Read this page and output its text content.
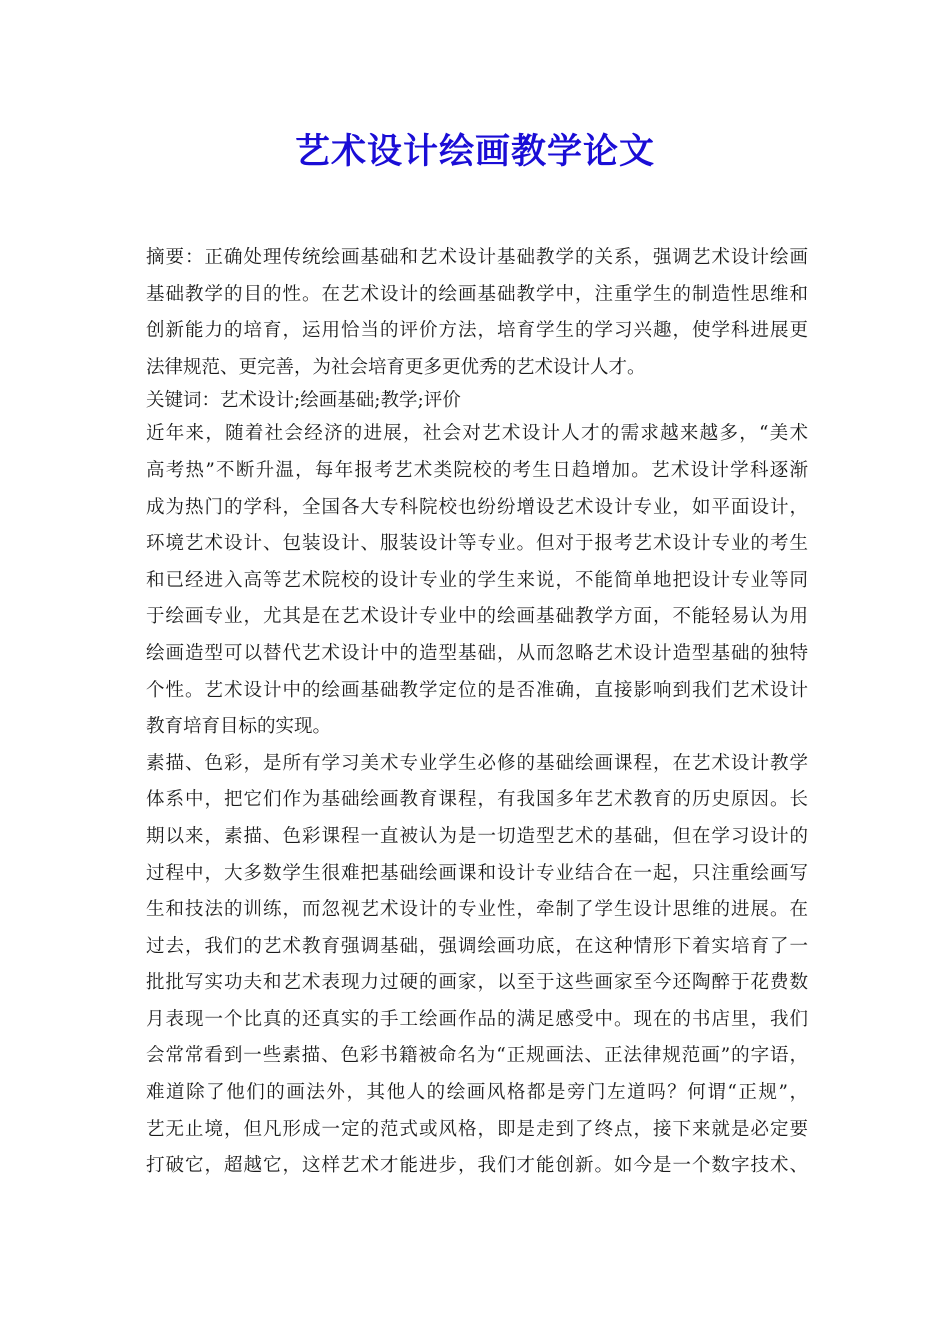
艺术设计绘画教学论文
摘要：正确处理传统绘画基础和艺术设计基础教学的关系，强调艺术设计绘画
基础教学的目的性。在艺术设计的绘画基础教学中，注重学生的制造性思维和
创新能力的培育，运用恰当的评价方法，培育学生的学习兴趣，使学科进展更
法律规范、更完善，为社会培育更多更优秀的艺术设计人才。
关键词：艺术设计;绘画基础;教学;评价
近年来，随着社会经济的进展，社会对艺术设计人才的需求越来越多，“美术
高考热”不断升温，每年报考艺术类院校的考生日趋增加。艺术设计学科逐渐
成为热门的学科，全国各大专科院校也纷纷增设艺术设计专业，如平面设计，
环境艺术设计、包装设计、服装设计等专业。但对于报考艺术设计专业的考生
和已经进入高等艺术院校的设计专业的学生来说，不能简单地把设计专业等同
于绘画专业，尤其是在艺术设计专业中的绘画基础教学方面，不能轻易认为用
绘画造型可以替代艺术设计中的造型基础，从而忽略艺术设计造型基础的独特
个性。艺术设计中的绘画基础教学定位的是否准确，直接影响到我们艺术设计
教育培育目标的实现。
素描、色彩，是所有学习美术专业学生必修的基础绘画课程，在艺术设计教学
体系中，把它们作为基础绘画教育课程，有我国多年艺术教育的历史原因。长
期以来，素描、色彩课程一直被认为是一切造型艺术的基础，但在学习设计的
过程中，大多数学生很难把基础绘画课和设计专业结合在一起，只注重绘画写
生和技法的训练，而忽视艺术设计的专业性，牵制了学生设计思维的进展。在
过去，我们的艺术教育强调基础，强调绘画功底，在这种情形下着实培育了一
批批写实功夫和艺术表现力过硬的画家，以至于这些画家至今还陶醉于花费数
月表现一个比真的还真实的手工绘画作品的满足感受中。现在的书店里，我们
会常常看到一些素描、色彩书籍被命名为“正规画法、正法律规范画”的字语，
难道除了他们的画法外，其他人的绘画风格都是旁门左道吗？何谓“正规”，
艺无止境，但凡形成一定的范式或风格，即是走到了终点，接下来就是必定要
打破它，超越它，这样艺术才能进步，我们才能创新。如今是一个数字技术、
